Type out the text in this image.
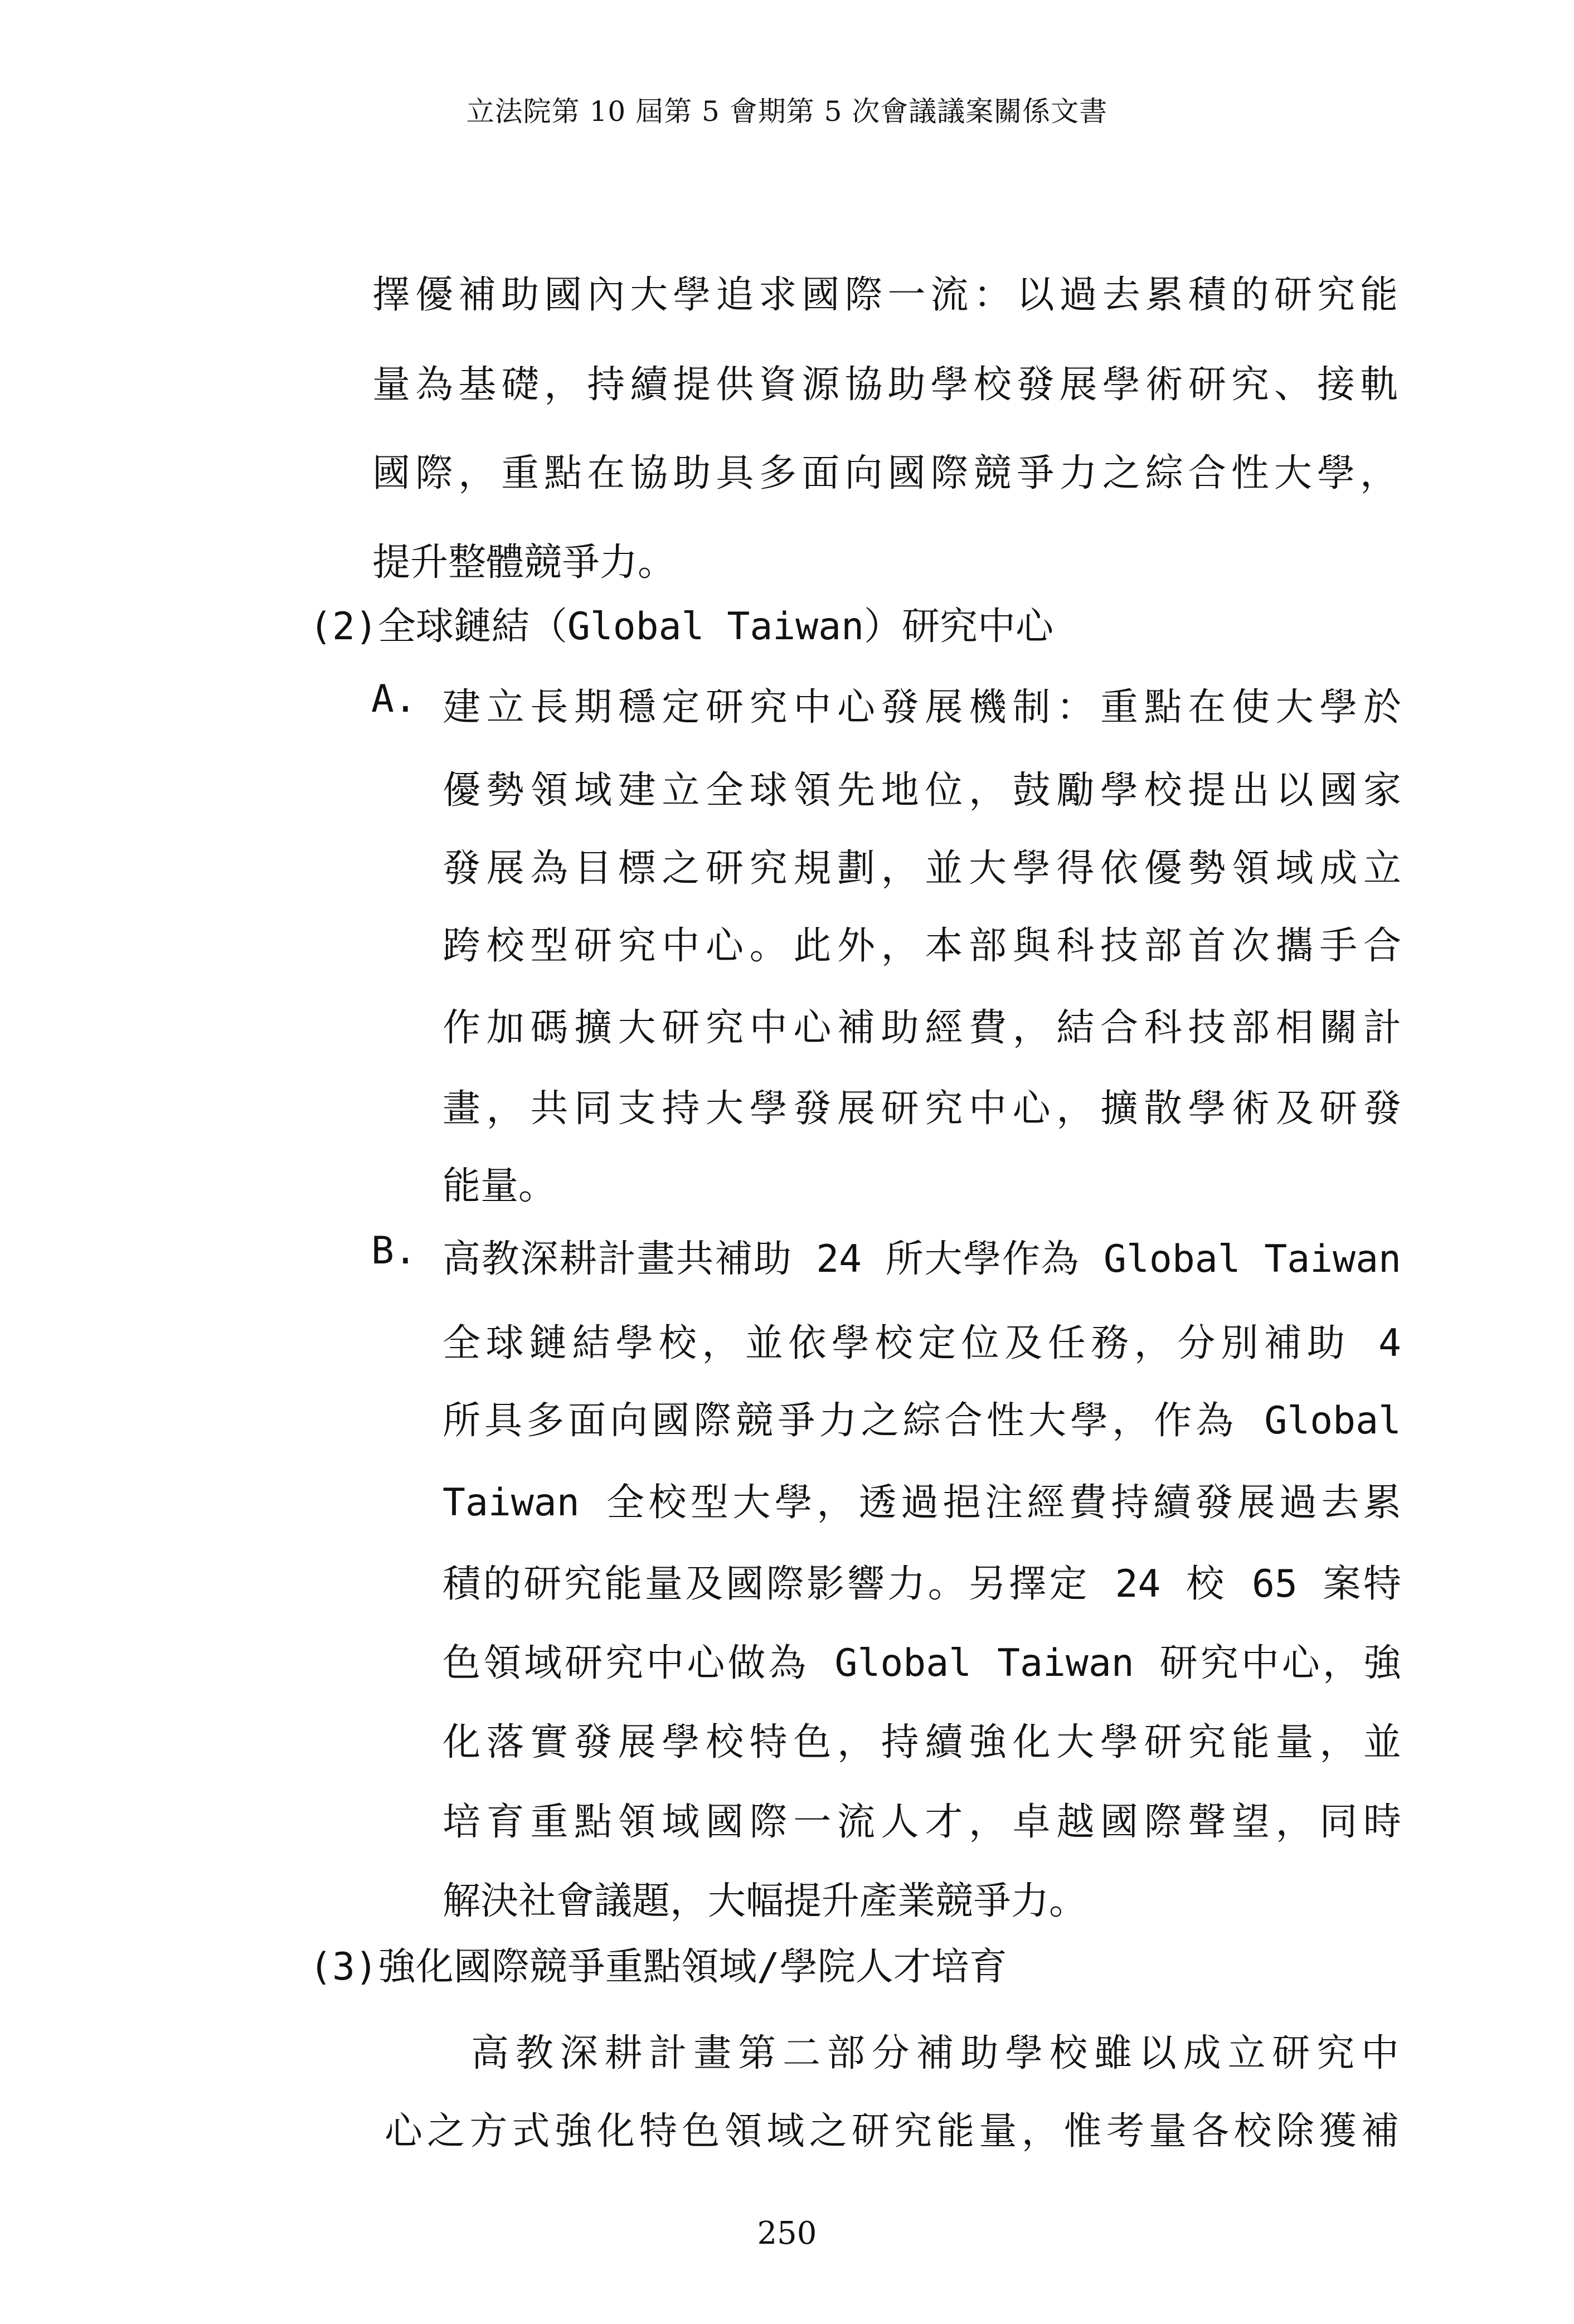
立法院第 10 屆第 5 會期第 5 次會議議案關係文書
擇優補助國內大學追求國際一流：以過去累積的研究能
量為基礎，持續提供資源協助學校發展學術研究、接軌
國際，重點在協助具多面向國際競爭力之綜合性大學，
提升整體競爭力。
(2)全球鏈結（Global Taiwan）研究中心
A. 建立長期穩定研究中心發展機制：重點在使大學於
優勢領域建立全球領先地位，鼓勵學校提出以國家
發展為目標之研究規劃，並大學得依優勢領域成立
跨校型研究中心。此外，本部與科技部首次攜手合
作加碼擴大研究中心補助經費，結合科技部相關計
畫，共同支持大學發展研究中心，擴散學術及研發
能量。
B. 高教深耕計畫共補助 24 所大學作為 Global Taiwan
全球鏈結學校，並依學校定位及任務，分別補助 4
所具多面向國際競爭力之綜合性大學，作為 Global
Taiwan 全校型大學，透過挹注經費持續發展過去累
積的研究能量及國際影響力。另擇定 24 校 65 案特
色領域研究中心做為 Global Taiwan 研究中心，強
化落實發展學校特色，持續強化大學研究能量，並
培育重點領域國際一流人才，卓越國際聲望，同時
解決社會議題，大幅提升產業競爭力。
(3)強化國際競爭重點領域/學院人才培育
高教深耕計畫第二部分補助學校雖以成立研究中
心之方式強化特色領域之研究能量，惟考量各校除獲補
250
